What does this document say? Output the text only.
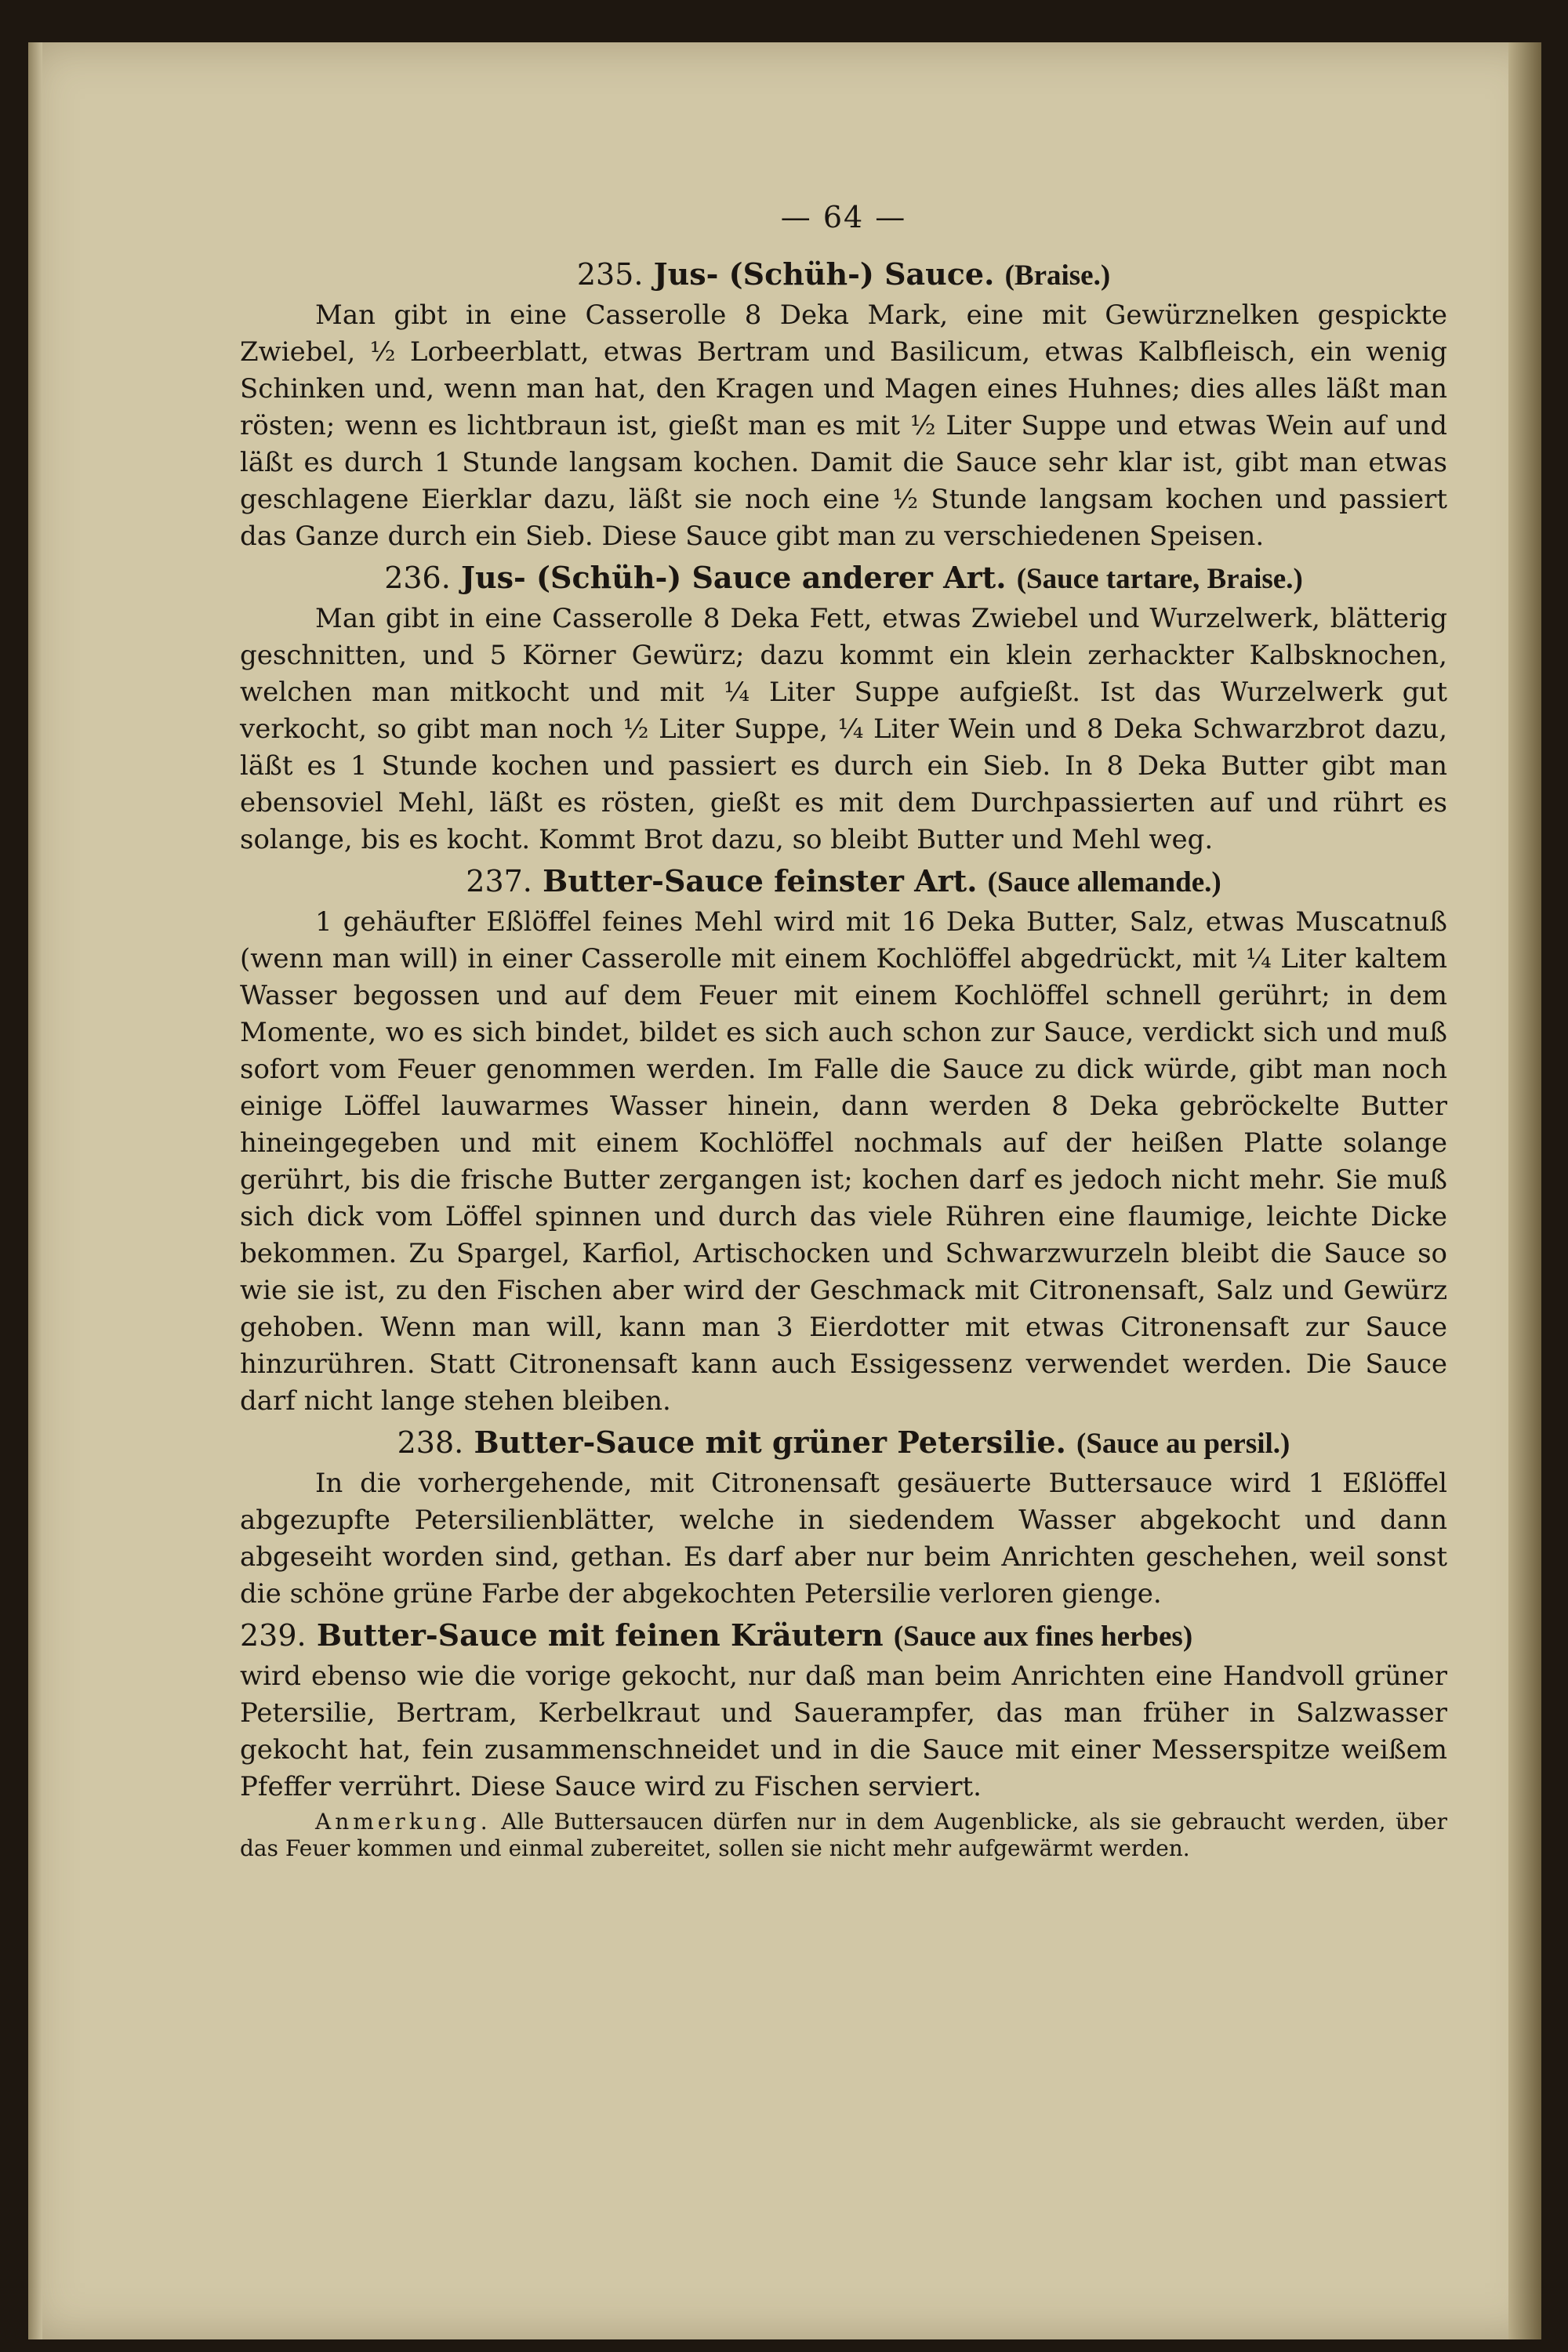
— 64 —
235. Jus- (Schüh-) Sauce. (Braise.)

Man gibt in eine Casserolle 8 Deka Mark, eine mit Gewürznelken gespickte Zwiebel, ½ Lorbeerblatt, etwas Bertram und Basilicum, etwas Kalbfleisch, ein wenig Schinken und, wenn man hat, den Kragen und Magen eines Huhnes; dies alles läßt man rösten; wenn es lichtbraun ist, gießt man es mit ½ Liter Suppe und etwas Wein auf und läßt es durch 1 Stunde langsam kochen. Damit die Sauce sehr klar ist, gibt man etwas geschlagene Eierklar dazu, läßt sie noch eine ½ Stunde langsam kochen und passiert das Ganze durch ein Sieb. Diese Sauce gibt man zu verschiedenen Speisen.

236. Jus- (Schüh-) Sauce anderer Art. (Sauce tartare, Braise.)

Man gibt in eine Casserolle 8 Deka Fett, etwas Zwiebel und Wurzelwerk, blätterig geschnitten, und 5 Körner Gewürz; dazu kommt ein klein zerhackter Kalbsknochen, welchen man mitkocht und mit ¼ Liter Suppe aufgießt. Ist das Wurzelwerk gut verkocht, so gibt man noch ½ Liter Suppe, ¼ Liter Wein und 8 Deka Schwarzbrot dazu, läßt es 1 Stunde kochen und passiert es durch ein Sieb. In 8 Deka Butter gibt man ebensoviel Mehl, läßt es rösten, gießt es mit dem Durchpassierten auf und rührt es solange, bis es kocht. Kommt Brot dazu, so bleibt Butter und Mehl weg.

237. Butter-Sauce feinster Art. (Sauce allemande.)

1 gehäufter Eßlöffel feines Mehl wird mit 16 Deka Butter, Salz, etwas Muscatnuß (wenn man will) in einer Casserolle mit einem Kochlöffel abgedrückt, mit ¼ Liter kaltem Wasser begossen und auf dem Feuer mit einem Kochlöffel schnell gerührt; in dem Momente, wo es sich bindet, bildet es sich auch schon zur Sauce, verdickt sich und muß sofort vom Feuer genommen werden. Im Falle die Sauce zu dick würde, gibt man noch einige Löffel lauwarmes Wasser hinein, dann werden 8 Deka gebröckelte Butter hineingegeben und mit einem Kochlöffel nochmals auf der heißen Platte solange gerührt, bis die frische Butter zergangen ist; kochen darf es jedoch nicht mehr. Sie muß sich dick vom Löffel spinnen und durch das viele Rühren eine flaumige, leichte Dicke bekommen. Zu Spargel, Karfiol, Artischocken und Schwarzwurzeln bleibt die Sauce so wie sie ist, zu den Fischen aber wird der Geschmack mit Citronensaft, Salz und Gewürz gehoben. Wenn man will, kann man 3 Eierdotter mit etwas Citronensaft zur Sauce hinzurühren. Statt Citronensaft kann auch Essigessenz verwendet werden. Die Sauce darf nicht lange stehen bleiben.

238. Butter-Sauce mit grüner Petersilie. (Sauce au persil.)

In die vorhergehende, mit Citronensaft gesäuerte Buttersauce wird 1 Eßlöffel abgezupfte Petersilienblätter, welche in siedendem Wasser abgekocht und dann abgeseiht worden sind, gethan. Es darf aber nur beim Anrichten geschehen, weil sonst die schöne grüne Farbe der abgekochten Petersilie verloren gienge.

239. Butter-Sauce mit feinen Kräutern (Sauce aux fines herbes)

wird ebenso wie die vorige gekocht, nur daß man beim Anrichten eine Handvoll grüner Petersilie, Bertram, Kerbelkraut und Sauerampfer, das man früher in Salzwasser gekocht hat, fein zusammenschneidet und in die Sauce mit einer Messerspitze weißem Pfeffer verrührt. Diese Sauce wird zu Fischen serviert.

Anmerkung. Alle Buttersaucen dürfen nur in dem Augenblicke, als sie gebraucht werden, über das Feuer kommen und einmal zubereitet, sollen sie nicht mehr aufgewärmt werden.
